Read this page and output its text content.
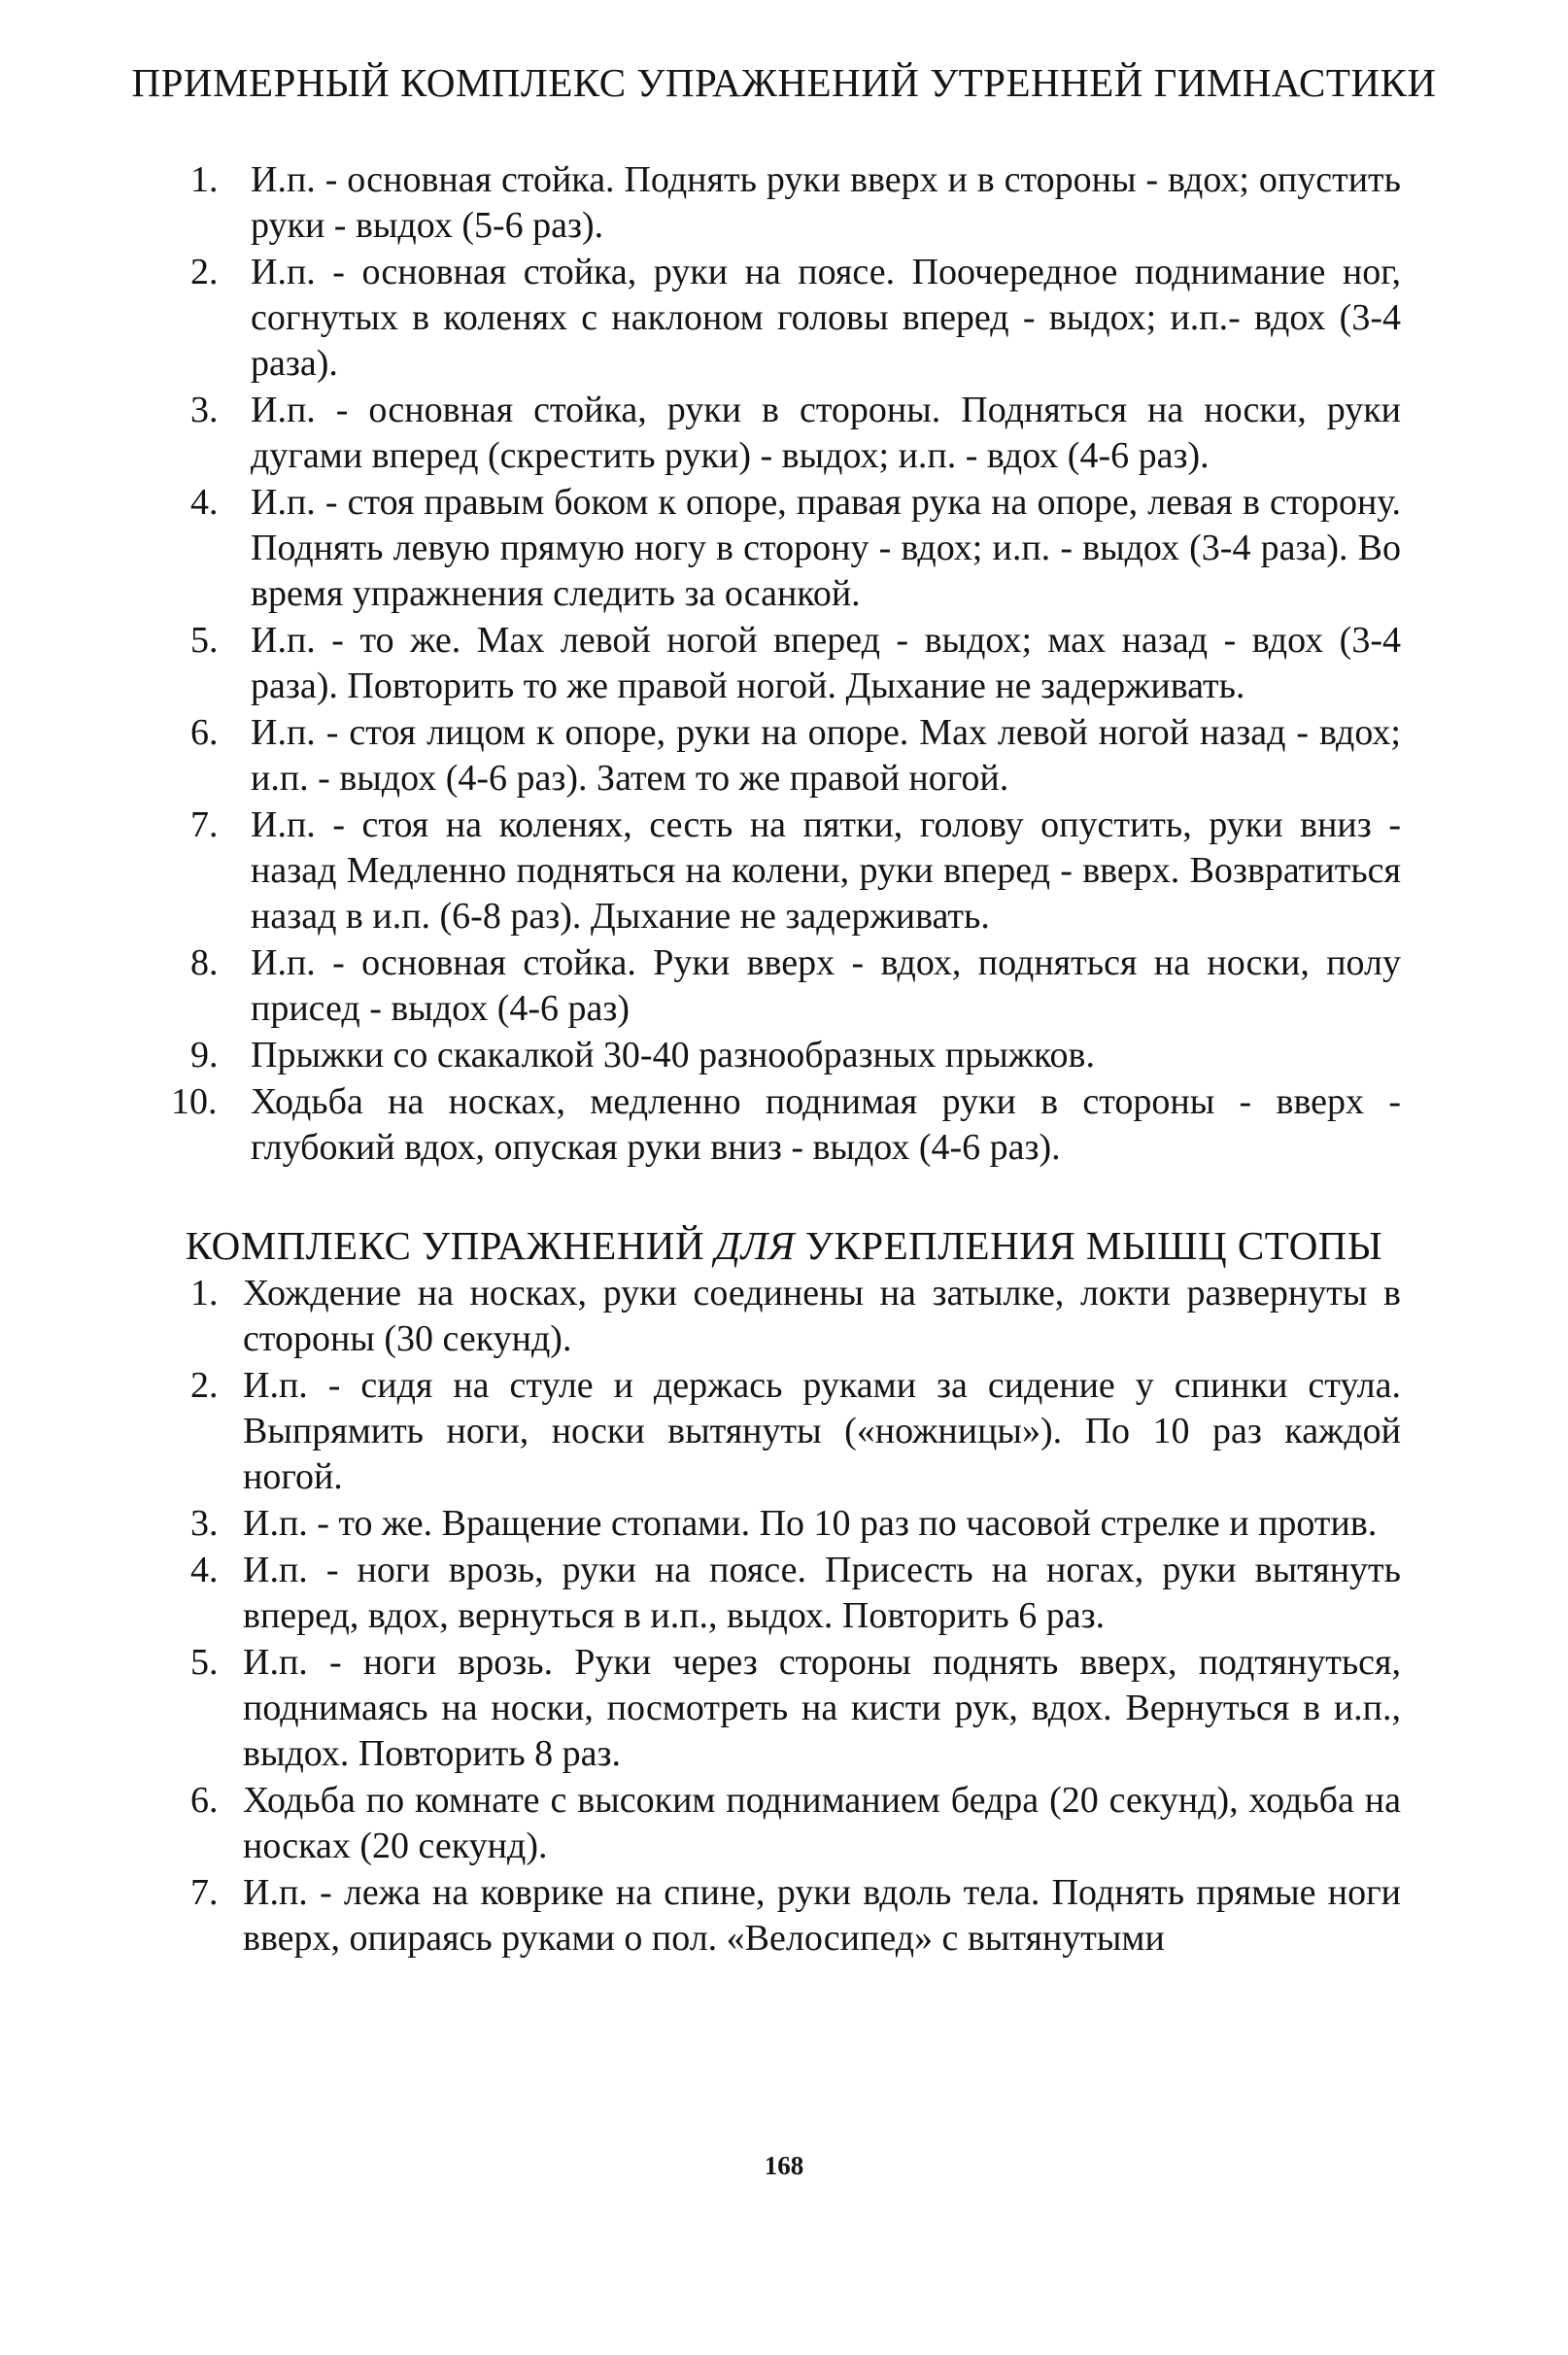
ПРИМЕРНЫЙ КОМПЛЕКС УПРАЖНЕНИЙ УТРЕННЕЙ ГИМНАСТИКИ
1. И.п. - основная стойка. Поднять руки вверх и в стороны - вдох; опустить руки - выдох (5-6 раз).
2. И.п. - основная стойка, руки на поясе. Поочередное поднимание ног, согнутых в коленях с наклоном головы вперед - выдох; и.п.- вдох (3-4 раза).
3. И.п. - основная стойка, руки в стороны. Подняться на носки, руки дугами вперед (скрестить руки) - выдох; и.п. - вдох (4-6 раз).
4. И.п. - стоя правым боком к опоре, правая рука на опоре, левая в сторону. Поднять левую прямую ногу в сторону - вдох; и.п. - выдох (3-4 раза). Во время упражнения следить за осанкой.
5. И.п. - то же. Мах левой ногой вперед - выдох; мах назад - вдох (3-4 раза). Повторить то же правой ногой. Дыхание не задерживать.
6. И.п. - стоя лицом к опоре, руки на опоре. Мах левой ногой назад - вдох; и.п. - выдох (4-6 раз). Затем то же правой ногой.
7. И.п. - стоя на коленях, сесть на пятки, голову опустить, руки вниз - назад Медленно подняться на колени, руки вперед - вверх. Возвратиться назад в и.п. (6-8 раз). Дыхание не задерживать.
8. И.п. - основная стойка. Руки вверх - вдох, подняться на носки, полу присед - выдох (4-6 раз)
9. Прыжки со скакалкой 30-40 разнообразных прыжков.
10. Ходьба на носках, медленно поднимая руки в стороны - вверх - глубокий вдох, опуская руки вниз - выдох (4-6 раз).
КОМПЛЕКС УПРАЖНЕНИЙ ДЛЯ УКРЕПЛЕНИЯ МЫШЦ СТОПЫ
1. Хождение на носках, руки соединены на затылке, локти развернуты в стороны (30 секунд).
2. И.п. - сидя на стуле и держась руками за сидение у спинки стула. Выпрямить ноги, носки вытянуты («ножницы»). По 10 раз каждой ногой.
3. И.п. - то же. Вращение стопами. По 10 раз по часовой стрелке и против.
4. И.п. - ноги врозь, руки на поясе. Присесть на ногах, руки вытянуть вперед, вдох, вернуться в и.п., выдох. Повторить 6 раз.
5. И.п. - ноги врозь. Руки через стороны поднять вверх, подтянуться, поднимаясь на носки, посмотреть на кисти рук, вдох. Вернуться в и.п., выдох. Повторить 8 раз.
6. Ходьба по комнате с высоким подниманием бедра (20 секунд), ходьба на носках (20 секунд).
7. И.п. - лежа на коврике на спине, руки вдоль тела. Поднять прямые ноги вверх, опираясь руками о пол. «Велосипед» с вытянутыми
168
